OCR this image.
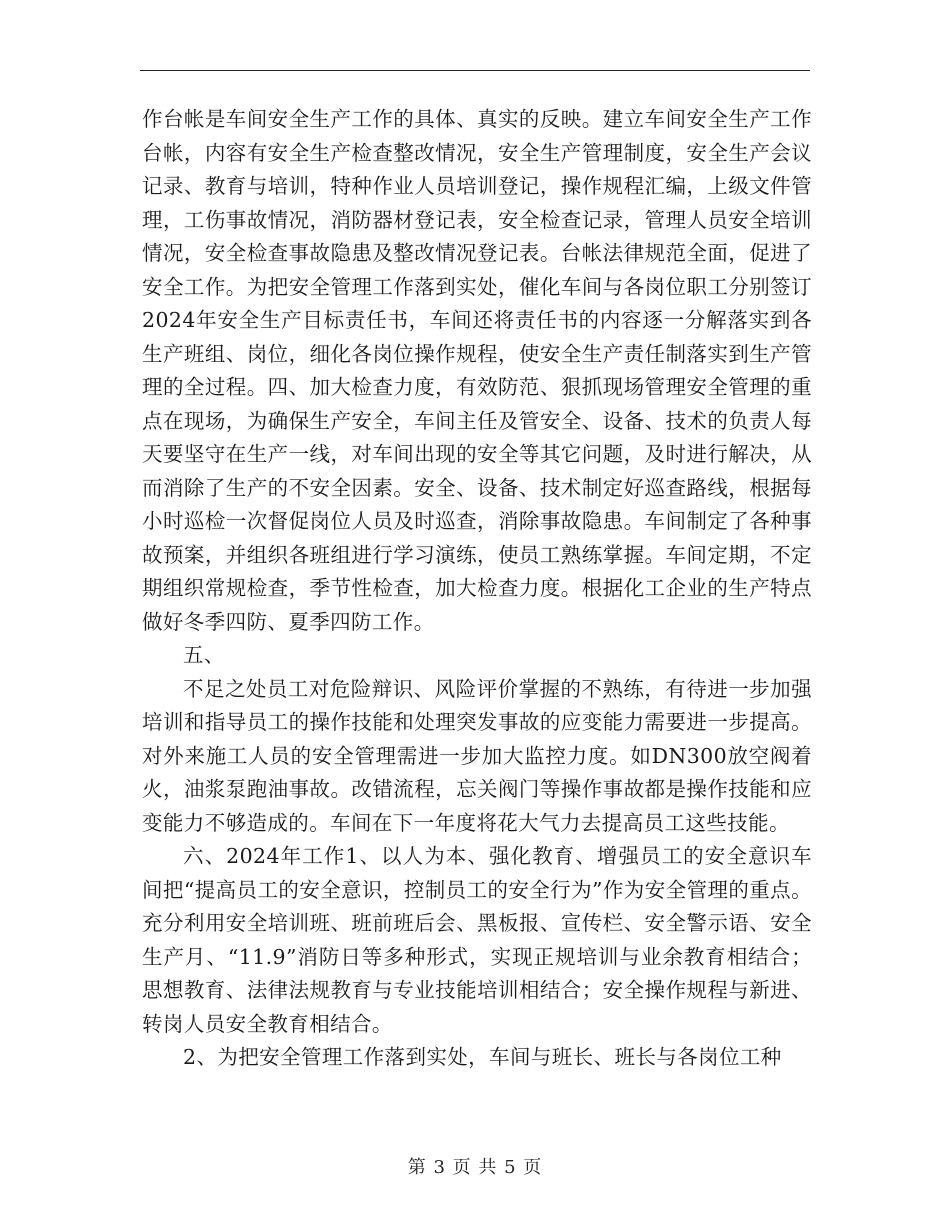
作台帐是车间安全生产工作的具体、真实的反映。建立车间安全生产工作台帐，内容有安全生产检查整改情况，安全生产管理制度，安全生产会议记录、教育与培训，特种作业人员培训登记，操作规程汇编，上级文件管理，工伤事故情况，消防器材登记表，安全检查记录，管理人员安全培训情况，安全检查事故隐患及整改情况登记表。台帐法律规范全面，促进了安全工作。为把安全管理工作落到实处，催化车间与各岗位职工分别签订2024年安全生产目标责任书，车间还将责任书的内容逐一分解落实到各生产班组、岗位，细化各岗位操作规程，使安全生产责任制落实到生产管理的全过程。四、加大检查力度，有效防范、狠抓现场管理安全管理的重点在现场，为确保生产安全，车间主任及管安全、设备、技术的负责人每天要坚守在生产一线，对车间出现的安全等其它问题，及时进行解决，从而消除了生产的不安全因素。安全、设备、技术制定好巡查路线，根据每小时巡检一次督促岗位人员及时巡查，消除事故隐患。车间制定了各种事故预案，并组织各班组进行学习演练，使员工熟练掌握。车间定期，不定期组织常规检查，季节性检查，加大检查力度。根据化工企业的生产特点做好冬季四防、夏季四防工作。

五、

不足之处员工对危险辩识、风险评价掌握的不熟练，有待进一步加强培训和指导员工的操作技能和处理突发事故的应变能力需要进一步提高。对外来施工人员的安全管理需进一步加大监控力度。如DN300放空阀着火，油浆泵跑油事故。改错流程，忘关阀门等操作事故都是操作技能和应变能力不够造成的。车间在下一年度将花大气力去提高员工这些技能。

六、2024年工作1、以人为本、强化教育、增强员工的安全意识车间把“提高员工的安全意识，控制员工的安全行为”作为安全管理的重点。充分利用安全培训班、班前班后会、黑板报、宣传栏、安全警示语、安全生产月、“11.9”消防日等多种形式，实现正规培训与业余教育相结合；思想教育、法律法规教育与专业技能培训相结合；安全操作规程与新进、转岗人员安全教育相结合。

2、为把安全管理工作落到实处，车间与班长、班长与各岗位工种

第 3 页 共 5 页
